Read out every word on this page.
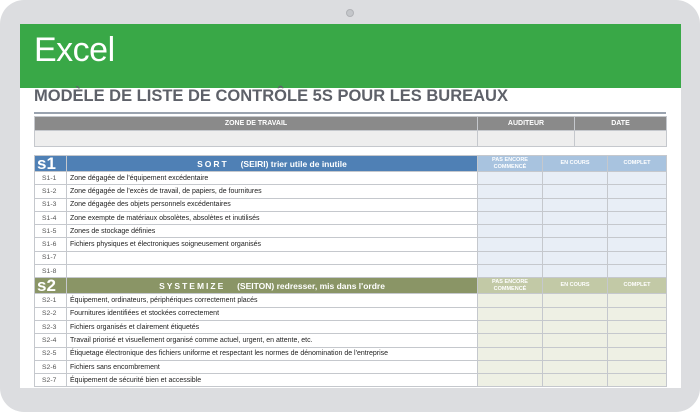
Excel
MODÈLE DE LISTE DE CONTRÔLE 5S POUR LES BUREAUX
ZONE DE TRAVAIL	AUDITEUR	DATE

s1	SORT (SEIRI) trier utile de inutile	PAS ENCORE COMMENCÉ	EN COURS	COMPLET
S1-1	Zone dégagée de l'équipement excédentaire			
S1-2	Zone dégagée de l'excès de travail, de papiers, de fournitures			
S1-3	Zone dégagée des objets personnels excédentaires			
S1-4	Zone exempte de matériaux obsolètes, absolètes et inutilisés			
S1-5	Zones de stockage définies			
S1-6	Fichiers physiques et électroniques soigneusement organisés			
S1-7				
S1-8				
s2	SYSTEMIZE (SEITON) redresser, mis dans l'ordre	PAS ENCORE COMMENCÉ	EN COURS	COMPLET
S2-1	Équipement, ordinateurs, périphériques correctement placés			
S2-2	Fournitures identifiées et stockées correctement			
S2-3	Fichiers organisés et clairement étiquetés			
S2-4	Travail priorisé et visuellement organisé comme actuel, urgent, en attente, etc.			
S2-5	Étiquetage électronique des fichiers uniforme et respectant les normes de dénomination de l'entreprise			
S2-6	Fichiers sans encombrement			
S2-7	Équipement de sécurité bien et accessible			
